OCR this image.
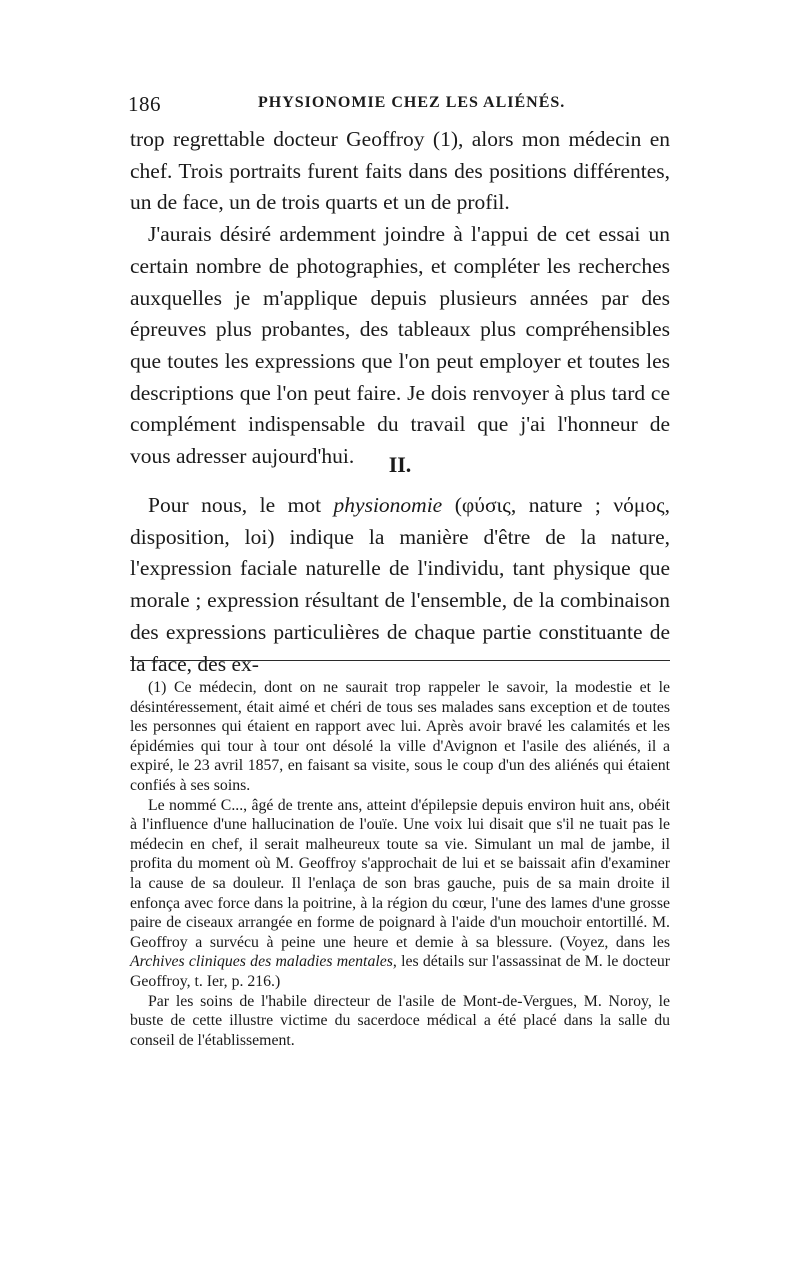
186	PHYSIONOMIE CHEZ LES ALIÉNÉS.

trop regrettable docteur Geoffroy (1), alors mon médecin en chef. Trois portraits furent faits dans des positions différentes, un de face, un de trois quarts et un de profil.

J'aurais désiré ardemment joindre à l'appui de cet essai un certain nombre de photographies, et compléter les recherches auxquelles je m'applique depuis plusieurs années par des épreuves plus probantes, des tableaux plus compréhensibles que toutes les expressions que l'on peut employer et toutes les descriptions que l'on peut faire. Je dois renvoyer à plus tard ce complément indispensable du travail que j'ai l'honneur de vous adresser aujourd'hui.	II.

Pour nous, le mot physionomie (φύσις, nature ; νόμος, disposition, loi) indique la manière d'être de la nature, l'expression faciale naturelle de l'individu, tant physique que morale ; expression résultant de l'ensemble, de la combinaison des expressions particulières de chaque partie constituante de la face, des ex-

(1) Ce médecin, dont on ne saurait trop rappeler le savoir, la modestie et le désintéressement, était aimé et chéri de tous ses malades sans exception et de toutes les personnes qui étaient en rapport avec lui. Après avoir bravé les calamités et les épidémies qui tour à tour ont désolé la ville d'Avignon et l'asile des aliénés, il a expiré, le 23 avril 1857, en faisant sa visite, sous le coup d'un des aliénés qui étaient confiés à ses soins.

Le nommé C..., âgé de trente ans, atteint d'épilepsie depuis environ huit ans, obéit à l'influence d'une hallucination de l'ouïe. Une voix lui disait que s'il ne tuait pas le médecin en chef, il serait malheureux toute sa vie. Simulant un mal de jambe, il profita du moment où M. Geoffroy s'approchait de lui et se baissait afin d'examiner la cause de sa douleur. Il l'enlaça de son bras gauche, puis de sa main droite il enfonça avec force dans la poitrine, à la région du cœur, l'une des lames d'une grosse paire de ciseaux arrangée en forme de poignard à l'aide d'un mouchoir entortillé. M. Geoffroy a survécu à peine une heure et demie à sa blessure. (Voyez, dans les Archives cliniques des maladies mentales, les détails sur l'assassinat de M. le docteur Geoffroy, t. Ier, p. 216.)

Par les soins de l'habile directeur de l'asile de Mont-de-Vergues, M. Noroy, le buste de cette illustre victime du sacerdoce médical a été placé dans la salle du conseil de l'établissement.
